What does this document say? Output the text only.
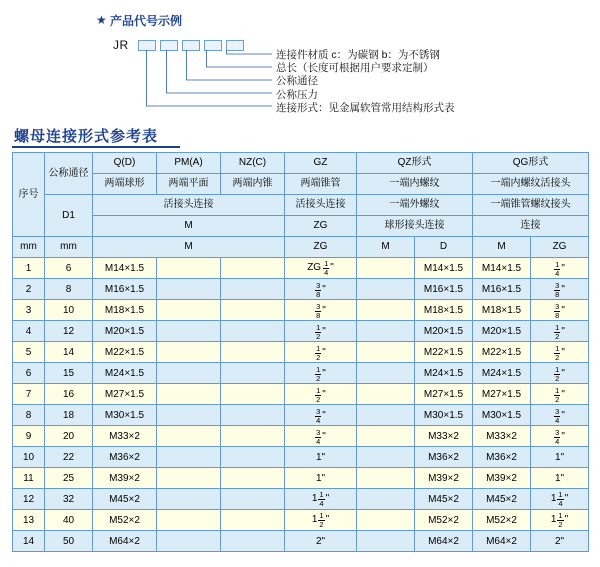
★ 产品代号示例
JR
连接件材质 c：为碳钢 b：为不锈钢
总长（长度可根据用户要求定制）
公称通径
公称压力
连接形式：见金属软管常用结构形式表
螺母连接形式参考表
序号	公称通径	Q(D)	PM(A)	NZ(C)	GZ	QZ形式		QG形式	
		两端球形	两端平面	两端内锥	两端锥管	一端内螺纹		一端内螺纹活接头	
	D1	活接头连接			活接头连接	一端外螺纹		一端锥管螺纹接头	
		M			ZG	球形接头连接		连接	
mm	mm	M			ZG	M	D	M	ZG
1	6	M14×1.5			ZG $\frac{1}{4}$ "		M14×1.5	M14×1.5	$\frac{1}{4}$ "

2	8	M16×1.5			$\frac{3}{8}$ "		M16×1.5	M16×1.5	$\frac{3}{8}$ "

3	10	M18×1.5			$\frac{3}{8}$ "		M18×1.5	M18×1.5	$\frac{3}{8}$ "

4	12	M20×1.5			$\frac{1}{2}$ "		M20×1.5	M20×1.5	$\frac{1}{2}$ "

5	14	M22×1.5			$\frac{1}{2}$ "		M22×1.5	M22×1.5	$\frac{1}{2}$ "

6	15	M24×1.5			$\frac{1}{2}$ "		M24×1.5	M24×1.5	$\frac{1}{2}$ "

7	16	M27×1.5			$\frac{1}{2}$ "		M27×1.5	M27×1.5	$\frac{1}{2}$ "

8	18	M30×1.5			$\frac{3}{4}$ "		M30×1.5	M30×1.5	$\frac{3}{4}$ "

9	20	M33×2			$\frac{3}{4}$ "		M33×2	M33×2	$\frac{3}{4}$ "

10	22	M36×2			1"		M36×2	M36×2	1"

11	25	M39×2			1"		M39×2	M39×2	1"

12	32	M45×2			$1 \frac{1}{4}$ "		M45×2	M45×2	$1 \frac{1}{4}$ "

13	40	M52×2			$1 \frac{1}{2}$ "		M52×2	M52×2	$1 \frac{1}{2}$ "

14	50	M64×2			2"		M64×2	M64×2	2"
